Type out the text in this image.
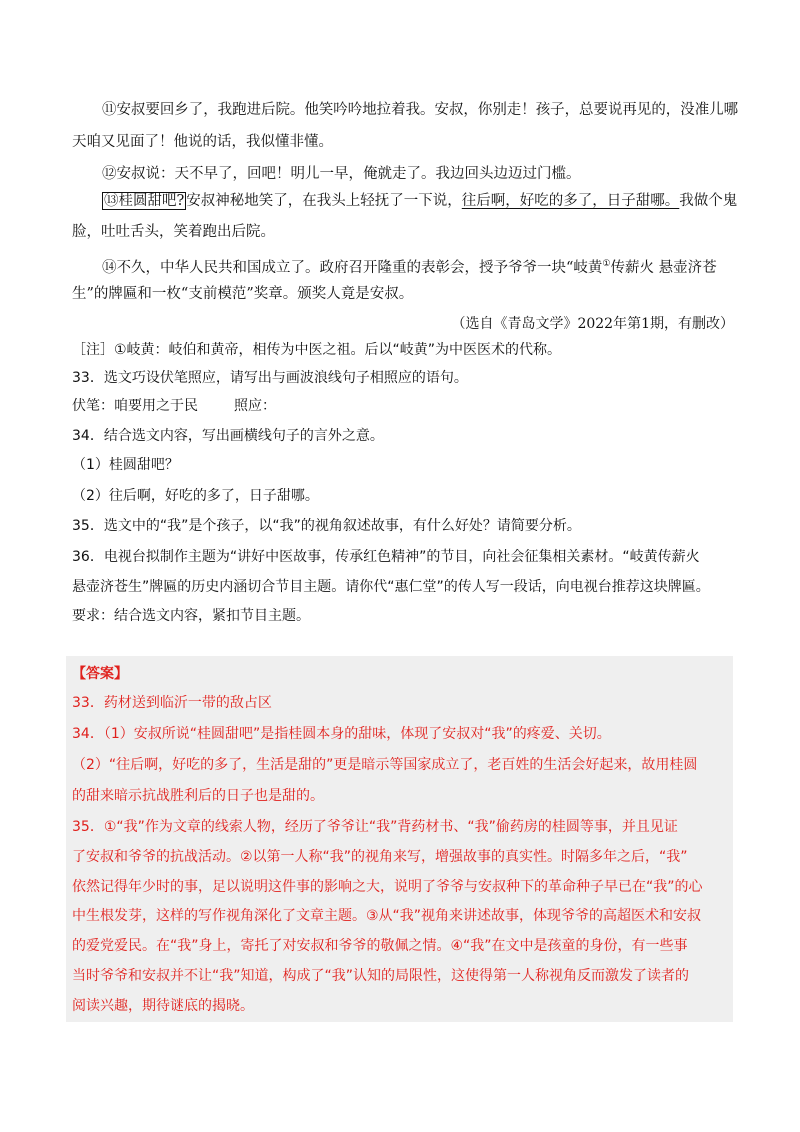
⑪安叔要回乡了，我跑进后院。他笑吟吟地拉着我。安叔，你别走！孩子，总要说再见的，没准儿哪
天咱又见面了！他说的话，我似懂非懂。
⑫安叔说：天不早了，回吧！明儿一早，俺就走了。我边回头边迈过门槛。
⑬桂圆甜吧? 安叔神秘地笑了，在我头上轻抚了一下说，往后啊，好吃的多了，日子甜哪。我做个鬼
脸，吐吐舌头，笑着跑出后院。
⑭不久，中华人民共和国成立了。政府召开隆重的表彰会，授予爷爷一块“岐黄①传薪火 悬壶济苍
生”的牌匾和一枚“支前模范”奖章。颁奖人竟是安叔。
（选自《青岛文学》2022年第1期，有删改）
［注］①岐黄：岐伯和黄帝，相传为中医之祖。后以“岐黄”为中医医术的代称。
33．选文巧设伏笔照应，请写出与画波浪线句子相照应的语句。
伏笔：咱要用之于民	照应：
34．结合选文内容，写出画横线句子的言外之意。
（1）桂圆甜吧？
（2）往后啊，好吃的多了，日子甜哪。
35．选文中的“我”是个孩子，以“我”的视角叙述故事，有什么好处？请简要分析。
36．电视台拟制作主题为“讲好中医故事，传承红色精神”的节目，向社会征集相关素材。“岐黄传薪火
悬壶济苍生”牌匾的历史内涵切合节目主题。请你代“惠仁堂”的传人写一段话，向电视台推荐这块牌匾。
要求：结合选文内容，紧扣节目主题。
【答案】
33．药材送到临沂一带的敌占区
34．（1）安叔所说“桂圆甜吧”是指桂圆本身的甜味，体现了安叔对“我”的疼爱、关切。
（2）“往后啊，好吃的多了，生活是甜的”更是暗示等国家成立了，老百姓的生活会好起来，故用桂圆
的甜来暗示抗战胜利后的日子也是甜的。
35．①“我”作为文章的线索人物，经历了爷爷让“我”背药材书、“我”偷药房的桂圆等事，并且见证
了安叔和爷爷的抗战活动。②以第一人称“我”的视角来写，增强故事的真实性。时隔多年之后，“我”
依然记得年少时的事，足以说明这件事的影响之大，说明了爷爷与安叔种下的革命种子早已在“我”的心
中生根发芽，这样的写作视角深化了文章主题。③从“我”视角来讲述故事，体现爷爷的高超医术和安叔
的爱党爱民。在“我”身上，寄托了对安叔和爷爷的敬佩之情。④“我”在文中是孩童的身份，有一些事
当时爷爷和安叔并不让“我”知道，构成了“我”认知的局限性，这使得第一人称视角反而激发了读者的
阅读兴趣，期待谜底的揭晓。
